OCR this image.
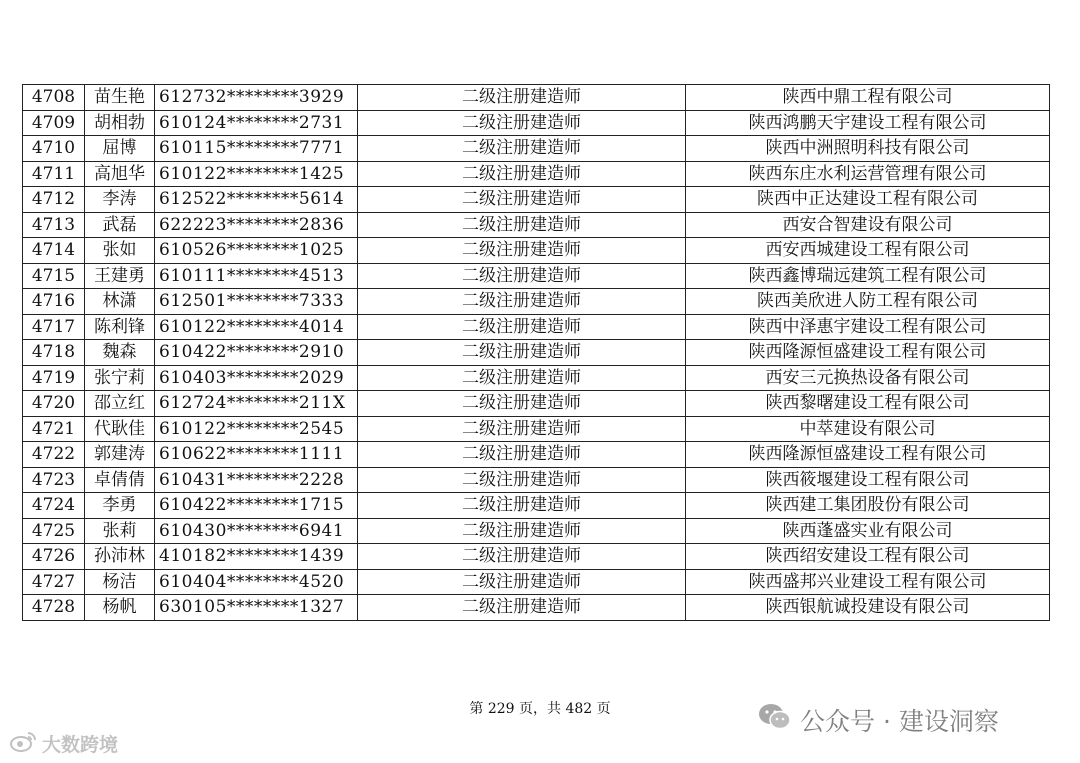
4708	苗生艳	612732********3929	二级注册建造师	陕西中鼎工程有限公司
4709	胡相勃	610124********2731	二级注册建造师	陕西鸿鹏天宇建设工程有限公司
4710	屈博	610115********7771	二级注册建造师	陕西中洲照明科技有限公司
4711	高旭华	610122********1425	二级注册建造师	陕西东庄水利运营管理有限公司
4712	李涛	612522********5614	二级注册建造师	陕西中正达建设工程有限公司
4713	武磊	622223********2836	二级注册建造师	西安合智建设有限公司
4714	张如	610526********1025	二级注册建造师	西安西城建设工程有限公司
4715	王建勇	610111********4513	二级注册建造师	陕西鑫博瑞远建筑工程有限公司
4716	林潇	612501********7333	二级注册建造师	陕西美欣进人防工程有限公司
4717	陈利锋	610122********4014	二级注册建造师	陕西中泽惠宇建设工程有限公司
4718	魏森	610422********2910	二级注册建造师	陕西隆源恒盛建设工程有限公司
4719	张宁莉	610403********2029	二级注册建造师	西安三元换热设备有限公司
4720	邵立红	612724********211X	二级注册建造师	陕西黎曙建设工程有限公司
4721	代耿佳	610122********2545	二级注册建造师	中萃建设有限公司
4722	郭建涛	610622********1111	二级注册建造师	陕西隆源恒盛建设工程有限公司
4723	卓倩倩	610431********2228	二级注册建造师	陕西筱堰建设工程有限公司
4724	李勇	610422********1715	二级注册建造师	陕西建工集团股份有限公司
4725	张莉	610430********6941	二级注册建造师	陕西蓬盛实业有限公司
4726	孙沛林	410182********1439	二级注册建造师	陕西绍安建设工程有限公司
4727	杨洁	610404********4520	二级注册建造师	陕西盛邦兴业建设工程有限公司
4728	杨帆	630105********1327	二级注册建造师	陕西银航诚投建设有限公司
第 229 页，共 482 页	公众号 · 建设洞察
大数跨境
